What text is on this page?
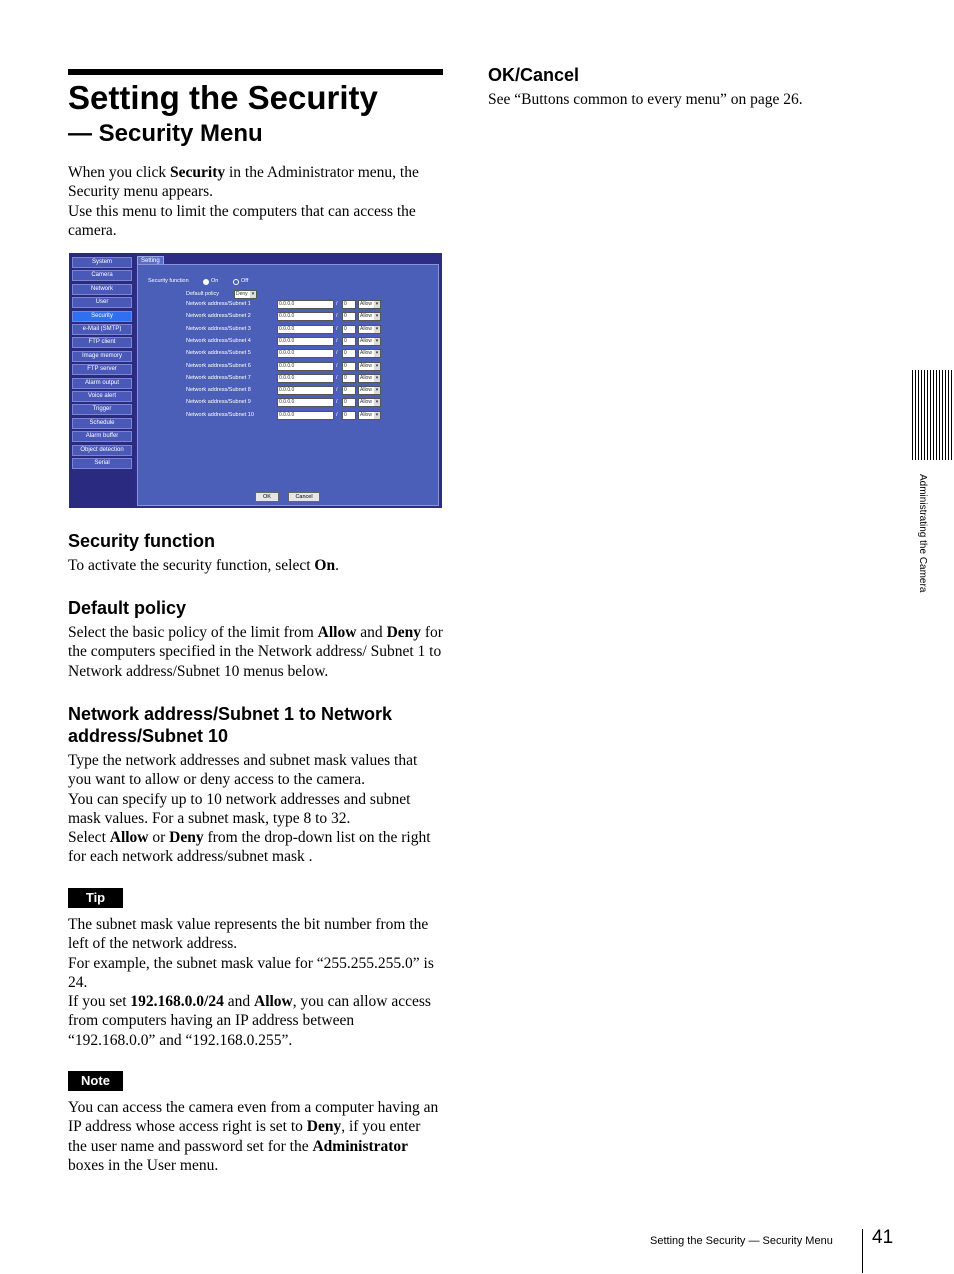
Setting the Security
— Security Menu
When you click Security in the Administrator menu, the Security menu appears.
Use this menu to limit the computers that can access the camera.
System
Camera
Network
User
Security
e-Mail (SMTP)
FTP client
Image memory
FTP server
Alarm output
Voice alert
Trigger
Schedule
Alarm buffer
Object detection
Serial
Setting
Security function	On	Off
Default policy	Deny ▾
OK	Cancel
Network address/Subnet 1	0.0.0.0	/	0	Allow ▾
Network address/Subnet 2	0.0.0.0	/	0	Allow ▾
Network address/Subnet 3	0.0.0.0	/	0	Allow ▾
Network address/Subnet 4	0.0.0.0	/	0	Allow ▾
Network address/Subnet 5	0.0.0.0	/	0	Allow ▾
Network address/Subnet 6	0.0.0.0	/	0	Allow ▾
Network address/Subnet 7	0.0.0.0	/	0	Allow ▾
Network address/Subnet 8	0.0.0.0	/	0	Allow ▾
Network address/Subnet 9	0.0.0.0	/	0	Allow ▾
Network address/Subnet 10	0.0.0.0	/	0	Allow ▾
Security function
To activate the security function, select On.
Default policy
Select the basic policy of the limit from Allow and Deny for the computers specified in the Network address/ Subnet 1 to Network address/Subnet 10 menus below.
Network address/Subnet 1 to Network address/Subnet 10
Type the network addresses and subnet mask values that you want to allow or deny access to the camera.
You can specify up to 10 network addresses and subnet mask values. For a subnet mask, type 8 to 32.
Select Allow or Deny from the drop-down list on the right for each network address/subnet mask .
Tip
The subnet mask value represents the bit number from the left of the network address.
For example, the subnet mask value for “255.255.255.0” is 24.
If you set 192.168.0.0/24 and Allow, you can allow access from computers having an IP address between “192.168.0.0” and “192.168.0.255”.
Note
You can access the camera even from a computer having an IP address whose access right is set to Deny, if you enter the user name and password set for the Administrator boxes in the User menu.
OK/Cancel
See “Buttons common to every menu” on page 26.
Administrating the Camera
Setting the Security — Security Menu 41
